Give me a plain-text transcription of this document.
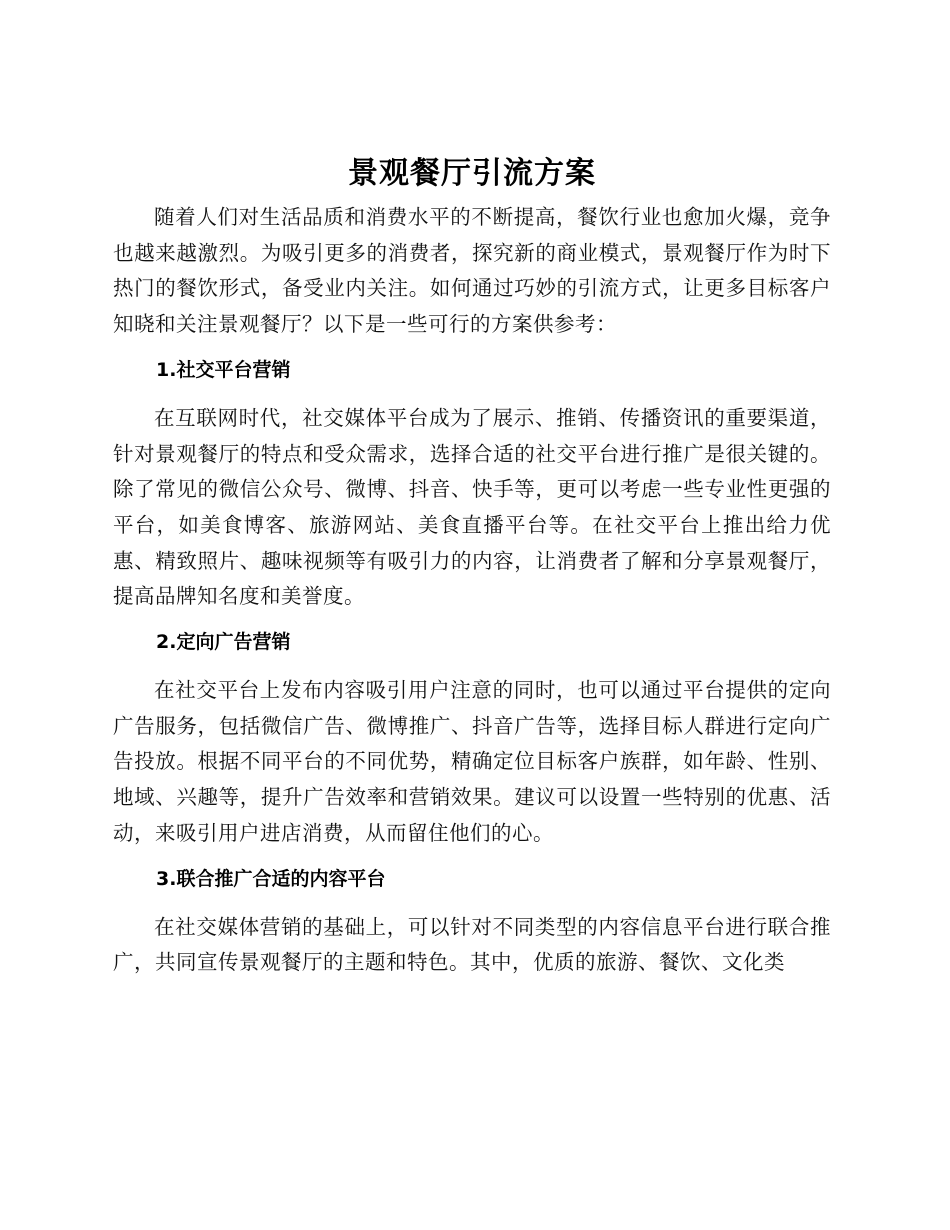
景观餐厅引流方案

随着人们对生活品质和消费水平的不断提高，餐饮行业也愈加火爆，竞争也越来越激烈。为吸引更多的消费者，探究新的商业模式，景观餐厅作为时下热门的餐饮形式，备受业内关注。如何通过巧妙的引流方式，让更多目标客户知晓和关注景观餐厅？以下是一些可行的方案供参考：

1.社交平台营销

在互联网时代，社交媒体平台成为了展示、推销、传播资讯的重要渠道，针对景观餐厅的特点和受众需求，选择合适的社交平台进行推广是很关键的。除了常见的微信公众号、微博、抖音、快手等，更可以考虑一些专业性更强的平台，如美食博客、旅游网站、美食直播平台等。在社交平台上推出给力优惠、精致照片、趣味视频等有吸引力的内容，让消费者了解和分享景观餐厅，提高品牌知名度和美誉度。

2.定向广告营销

在社交平台上发布内容吸引用户注意的同时，也可以通过平台提供的定向广告服务，包括微信广告、微博推广、抖音广告等，选择目标人群进行定向广告投放。根据不同平台的不同优势，精确定位目标客户族群，如年龄、性别、地域、兴趣等，提升广告效率和营销效果。建议可以设置一些特别的优惠、活动，来吸引用户进店消费，从而留住他们的心。

3.联合推广合适的内容平台

在社交媒体营销的基础上，可以针对不同类型的内容信息平台进行联合推广，共同宣传景观餐厅的主题和特色。其中，优质的旅游、餐饮、文化类
